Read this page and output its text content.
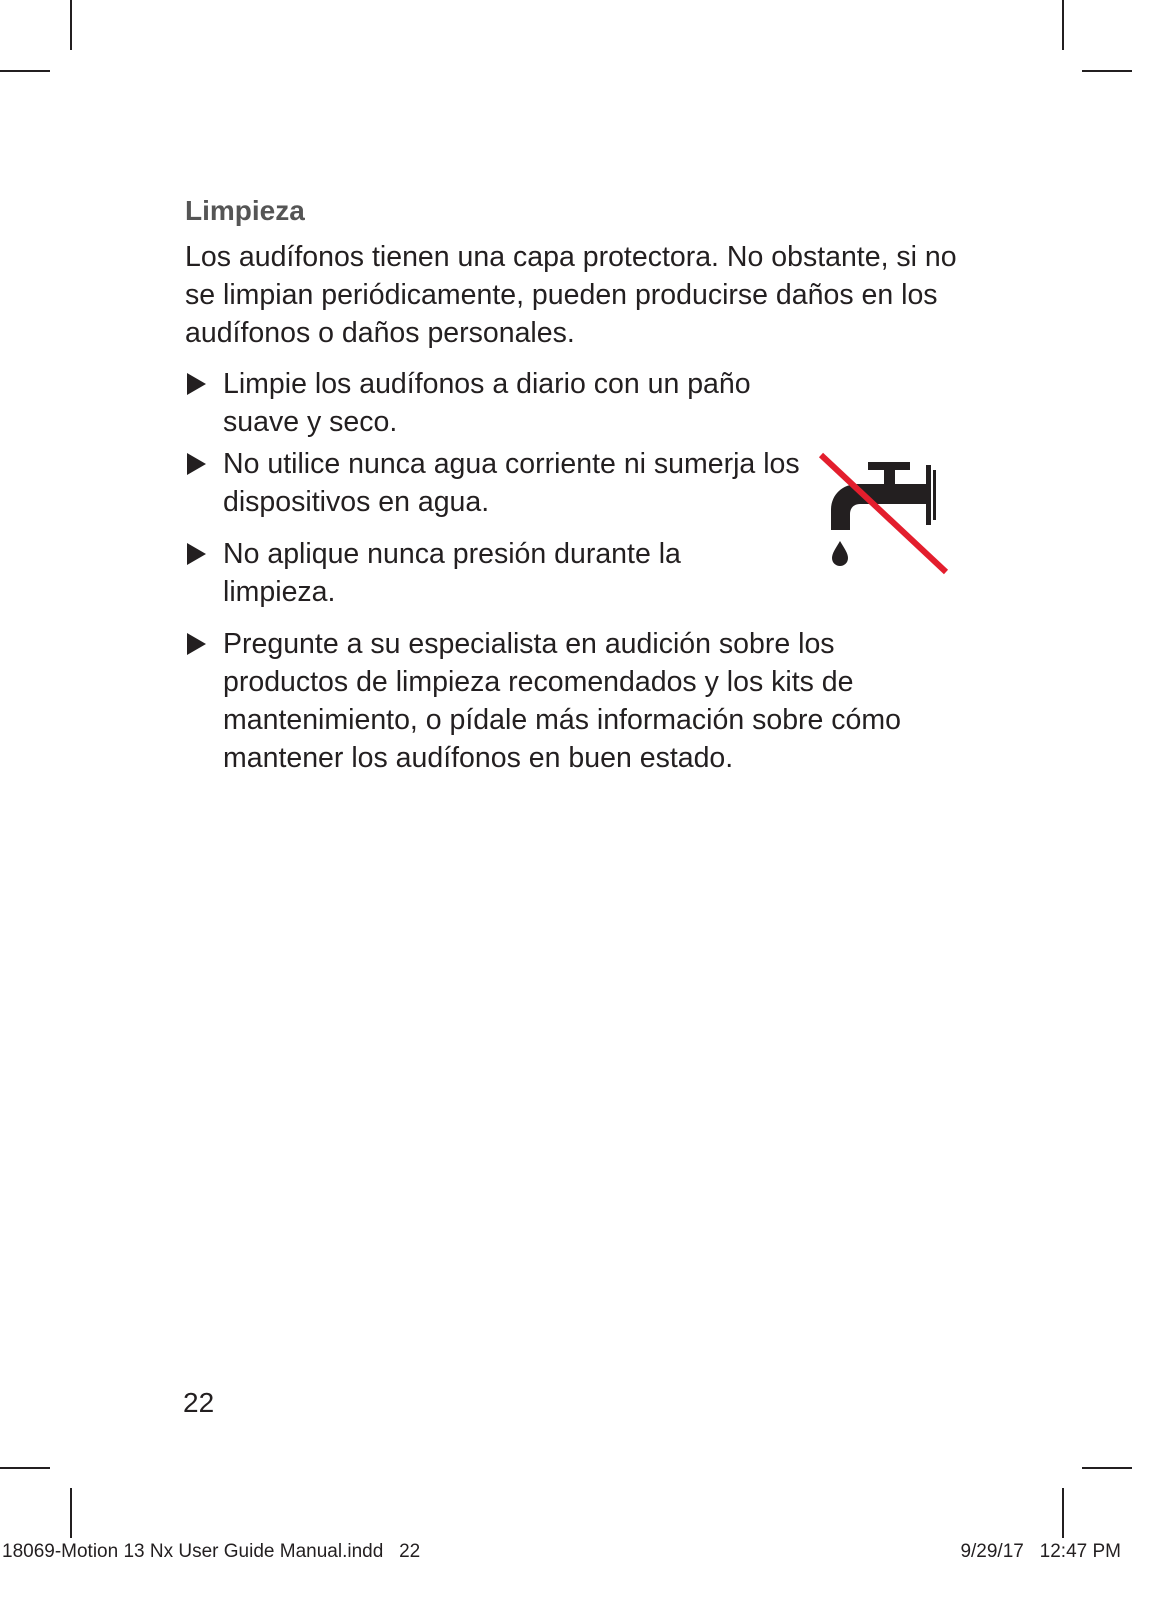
Limpieza
Los audífonos tienen una capa protectora. No obstante, si no se limpian periódicamente, pueden producirse daños en los audífonos o daños personales.
Limpie los audífonos a diario con un paño suave y seco.
No utilice nunca agua corriente ni sumerja los dispositivos en agua.
No aplique nunca presión durante la limpieza.
Pregunte a su especialista en audición sobre los productos de limpieza recomendados y los kits de mantenimiento, o pídale más información sobre cómo mantener los audífonos en buen estado.
22
18069-Motion 13 Nx User Guide Manual.indd   22	9/29/17   12:47 PM
